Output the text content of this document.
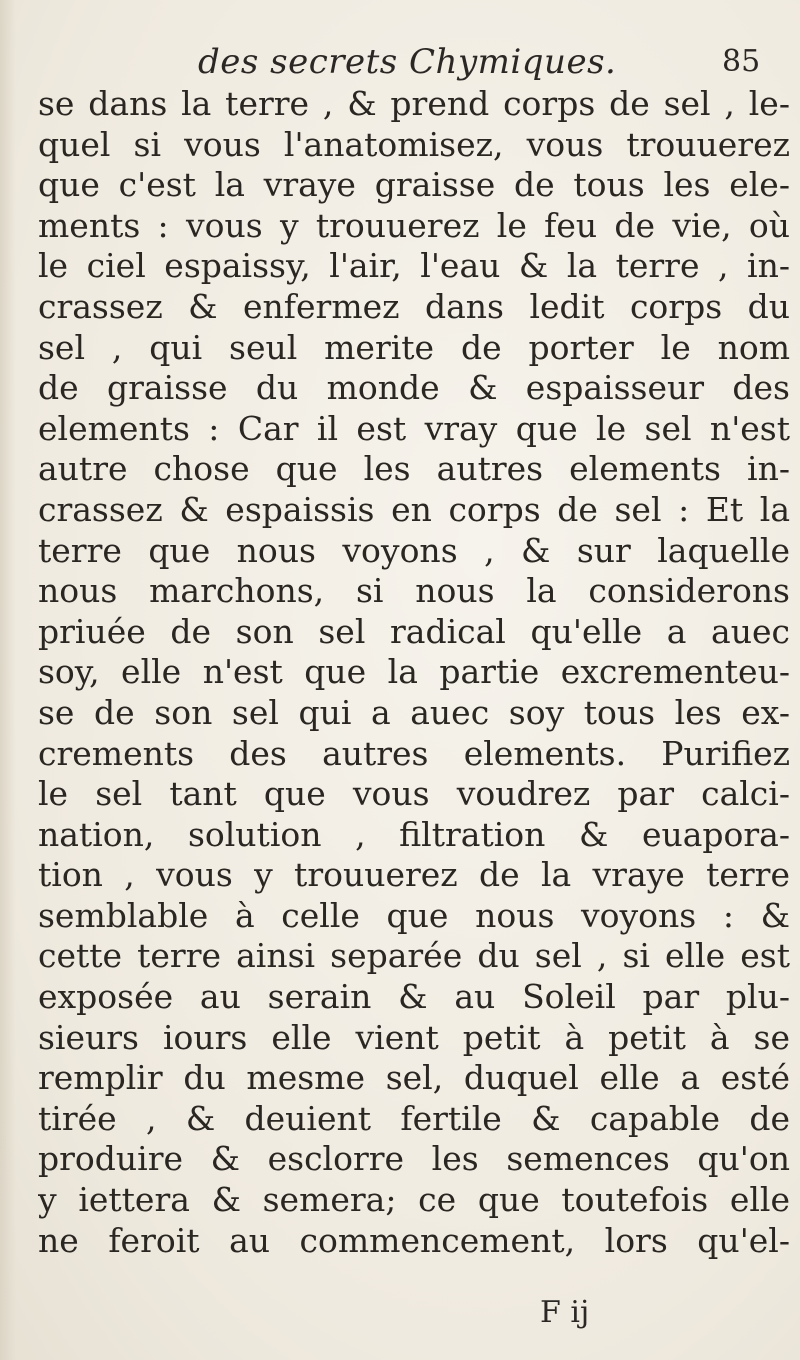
des secrets Chymiques.	85
se dans la terre , & prend corps de sel , le-
quel si vous l'anatomisez, vous trouuerez
que c'est la vraye graisse de tous les ele-
ments : vous y trouuerez le feu de vie, où
le ciel espaissy, l'air, l'eau & la terre , in-
crassez & enfermez dans ledit corps du
sel , qui seul merite de porter le nom
de graisse du monde & espaisseur des
elements : Car il est vray que le sel n'est
autre chose que les autres elements in-
crassez & espaissis en corps de sel : Et la
terre que nous voyons , & sur laquelle
nous marchons, si nous la considerons
priuée de son sel radical qu'elle a auec
soy, elle n'est que la partie excrementeu-
se de son sel qui a auec soy tous les ex-
crements des autres elements. Purifiez
le sel tant que vous voudrez par calci-
nation, solution , filtration & euapora-
tion , vous y trouuerez de la vraye terre
semblable à celle que nous voyons : &
cette terre ainsi separée du sel , si elle est
exposée au serain & au Soleil par plu-
sieurs iours elle vient petit à petit à se
remplir du mesme sel, duquel elle a esté
tirée , & deuient fertile & capable de
produire & esclorre les semences qu'on
y iettera & semera; ce que toutefois elle
ne feroit au commencement, lors qu'el-
F ij
